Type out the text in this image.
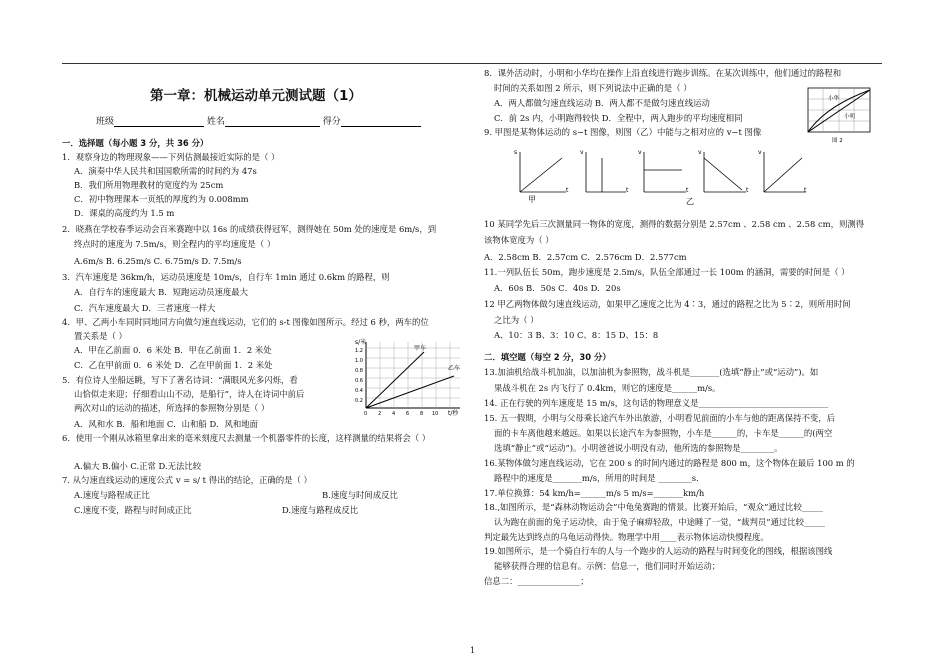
第一章：机械运动单元测试题（1）
班级	姓名	得分
一．选择题（每小题 3 分，共 36 分）
1．观察身边的物理现象——下列估测最接近实际的是（ ）
A．演奏中华人民共和国国歌所需的时间约为 47s
B．我们所用物理教材的宽度约为 25cm
C．初中物理课本一页纸的厚度约为 0.008mm
D．课桌的高度约为 1.5 m
2．晓燕在学校春季运动会百米赛跑中以 16s 的成绩获得冠军，测得她在 50m 处的速度是 6m/s，到
终点时的速度为 7.5m/s，则全程内的平均速度是（ ）
A.6m/s B. 6.25m/s C. 6.75m/s D. 7.5m/s
3．汽车速度是 36km/h，运动员速度是 10m/s，自行车 1min 通过 0.6km 的路程，则
A．自行车的速度最大 B．短跑运动员速度最大
C．汽车速度最大 D．三者速度一样大
4．甲、乙两小车同时同地同方向做匀速直线运动，它们的 s-t 图像如图所示。经过 6 秒，两车的位
置关系是（ ）
A．甲在乙前面 0．6 米处 B．甲在乙前面 1．2 米处
C．乙在甲前面 0．6 米处 D．乙在甲前面 1．2 米处
5．有位诗人坐船远眺，写下了著名诗词：“满眼风光多闪烁，看
山恰似走来迎；仔细看山山不动，是船行”，诗人在诗词中前后
两次对山的运动的描述，所选择的参照物分别是（ ）
A．风和水 B．船和地面 C．山和船 D．风和地面
6．使用一个刚从冰箱里拿出来的毫米刻度尺去测量一个机器零件的长度，这样测量的结果将会（ ）
A.偏大 B.偏小 C.正常 D.无法比较
7. 从匀速直线运动的速度公式 v = s/ t 得出的结论，正确的是（ ）
A.速度与路程成正比	B.速度与时间成反比
C.速度不变，路程与时间成正比	D.速度与路程成反比
8．课外活动时，小明和小华均在操作上沿直线进行跑步训练。在某次训练中，他们通过的路程和
时间的关系如图 2 所示，则下列说法中正确的是（ ）
A．两人都做匀速直线运动 B．两人都不是做匀速直线运动
C．前 2s 内，小明跑得较快 D．全程中，两人跑步的平均速度相同
9. 甲图是某物体运动的 s−t 图像，则图（乙）中能与之相对应的 v−t 图像
10 某同学先后三次测量同一物体的宽度，测得的数据分别是 2.57cm 、2.58 cm 、2.58 cm，则测得
该物体宽度为（ ）
A．2.58cm B．2.57cm C．2.576cm D．2.577cm
11.一列队伍长 50m，跑步速度是 2.5m/s，队伍全部通过一长 100m 的涵洞，需要的时间是（ ）
A．60s B．50s C．40s D．20s
12 甲乙两物体做匀速直线运动，如果甲乙速度之比为 4∶3，通过的路程之比为 5∶2，则所用时间
之比为（ ）
A、10：3 B、3：10 C、8：15 D、15：8
二．填空题（每空 2 分，30 分）
13.加油机给战斗机加油，以加油机为参照物，战斗机是_______(选填“静止”或“运动”)。如
果战斗机在 2s 内飞行了 0.4km，则它的速度是______m/s。
14. 正在行驶的列车速度是 15 m/s，这句话的物理意义是_______________________________
15. 五一假期，小明与父母乘长途汽车外出旅游，小明看见前面的小车与他的距离保持不变，后
面的卡车离他越来越远。如果以长途汽车为参照物，小车是______的，卡车是______的(两空
选填“静止”或“运动”)。小明爸爸说小明没有动，他所选的参照物是________。
16.某物体做匀速直线运动，它在 200 s 的时间内通过的路程是 800 m，这个物体在最后 100 m 的
路程中的速度是_______m/s，所用的时间是 ________s.
17.单位换算：54 km/h=______m/s 5 m/s=_______km/h
18.,如图所示，是“森林动物运动会”中龟兔赛跑的情景。比赛开始后，“观众”通过比较_____
认为跑在前面的兔子运动快，由于兔子麻痹轻敌，中途睡了一觉，“裁判员”通过比较_____
判定最先达到终点的乌龟运动得快。物理学中用____表示物体运动快慢程度。
19.如图所示，是一个骑自行车的人与一个跑步的人运动的路程与时间变化的图线，根据该图线
能够获得合理的信息有。示例：信息一，他们同时开始运动；
信息二：_______________；
s/米
t/秒
甲车
乙车
1.2
1.0
0.8
0.6
0.4
0.2
0 2 4 6 8 10
小华
小明
图 2
s
t
甲
v
t
v
t
v
t
v
t
乙
1
